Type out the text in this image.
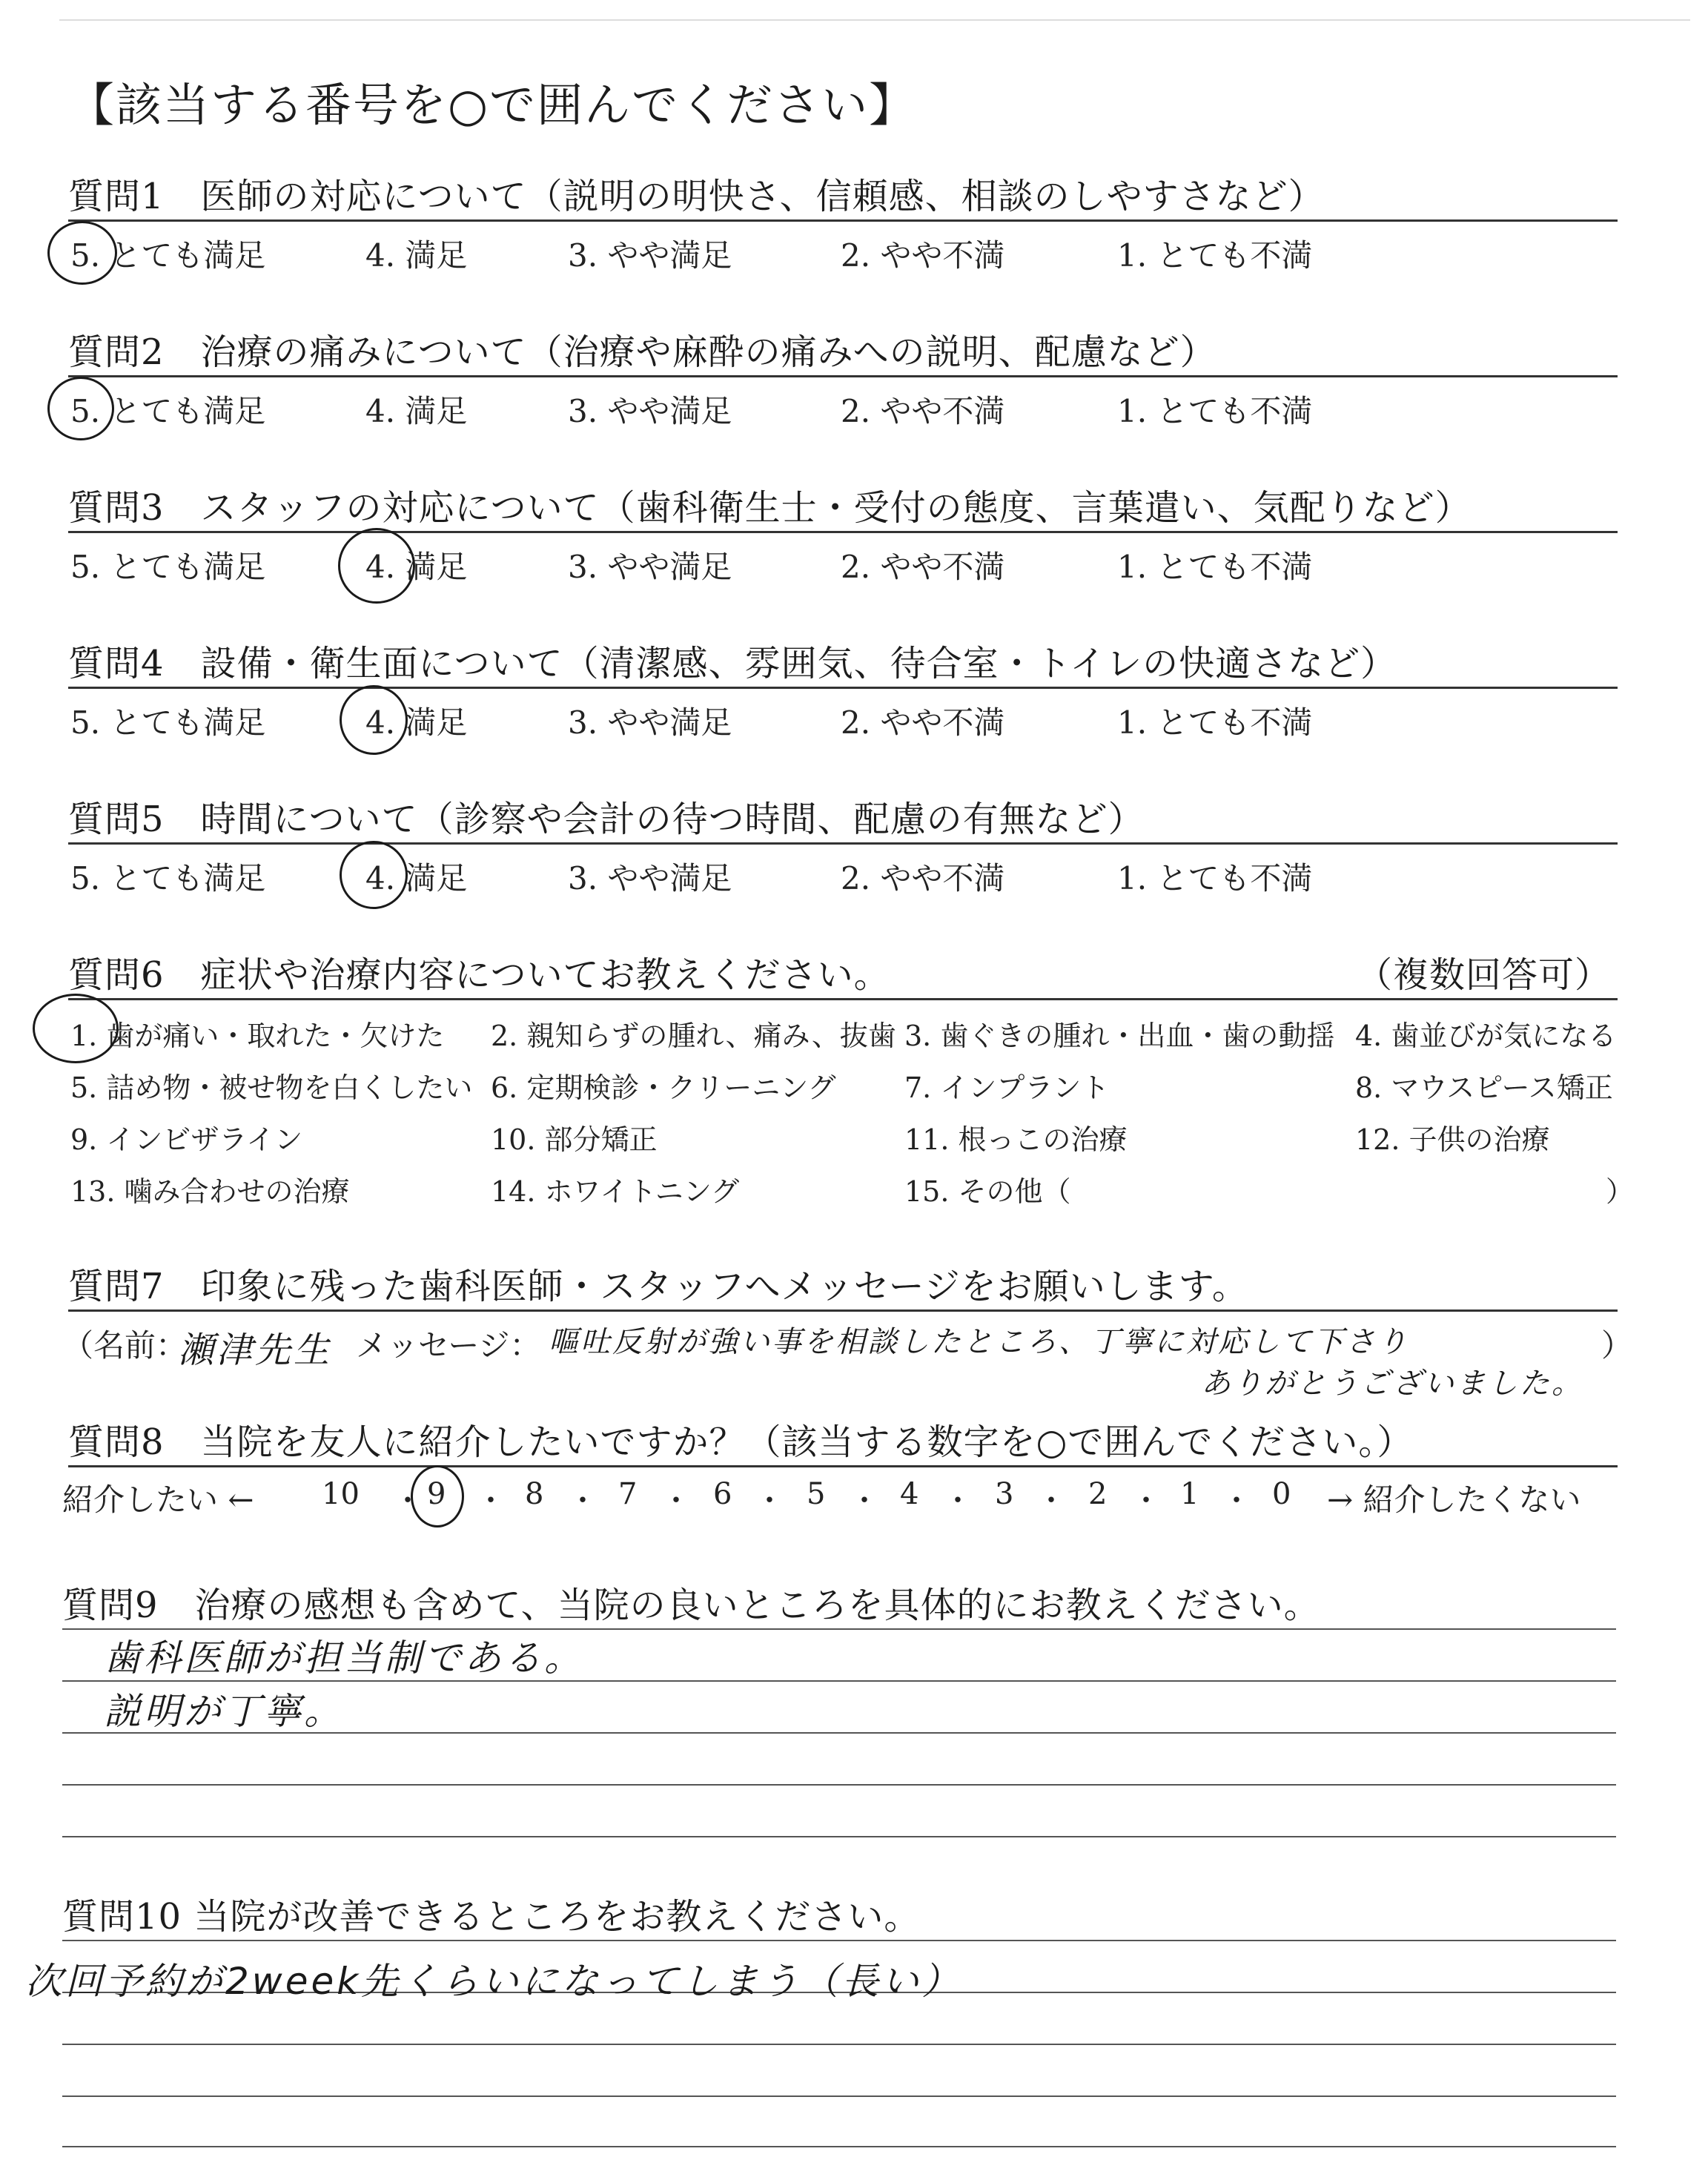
【該当する番号を○で囲んでください】
質問1　医師の対応について（説明の明快さ、信頼感、相談のしやすさなど）
5. とても満足	4. 満足	3. やや満足	2. やや不満	1. とても不満
質問2　治療の痛みについて（治療や麻酔の痛みへの説明、配慮など）
5. とても満足	4. 満足	3. やや満足	2. やや不満	1. とても不満
質問3　スタッフの対応について（歯科衛生士・受付の態度、言葉遣い、気配りなど）
5. とても満足	4. 満足	3. やや満足	2. やや不満	1. とても不満
質問4　設備・衛生面について（清潔感、雰囲気、待合室・トイレの快適さなど）
5. とても満足	4. 満足	3. やや満足	2. やや不満	1. とても不満
質問5　時間について（診察や会計の待つ時間、配慮の有無など）
5. とても満足	4. 満足	3. やや満足	2. やや不満	1. とても不満
質問6　症状や治療内容についてお教えください。	（複数回答可）
1. 歯が痛い・取れた・欠けた 2. 親知らずの腫れ、痛み、抜歯 3. 歯ぐきの腫れ・出血・歯の動揺 4. 歯並びが気になる
5. 詰め物・被せ物を白くしたい 6. 定期検診・クリーニング 7. インプラント	8. マウスピース矯正
9. インビザライン	10. 部分矯正	11. 根っこの治療	12. 子供の治療
13. 噛み合わせの治療	14. ホワイトニング	15. その他（	）
質問7　印象に残った歯科医師・スタッフへメッセージをお願いします。
（名前：
瀬津先生 メッセージ： 嘔吐反射が強い事を相談したところ、丁寧に対応して下さり	）
ありがとうございました。
質問8　当院を友人に紹介したいですか？（該当する数字を○で囲んでください。）
紹介したい ← 10 ・ 9 ・ 8 ・ 7 ・ 6 ・ 5 ・ 4 ・ 3 ・ 2 ・ 1 ・ 0 → 紹介したくない
質問9　治療の感想も含めて、当院の良いところを具体的にお教えください。
歯科医師が担当制である。
説明が丁寧。
質問10 当院が改善できるところをお教えください。
次回予約が2week先くらいになってしまう（長い）
